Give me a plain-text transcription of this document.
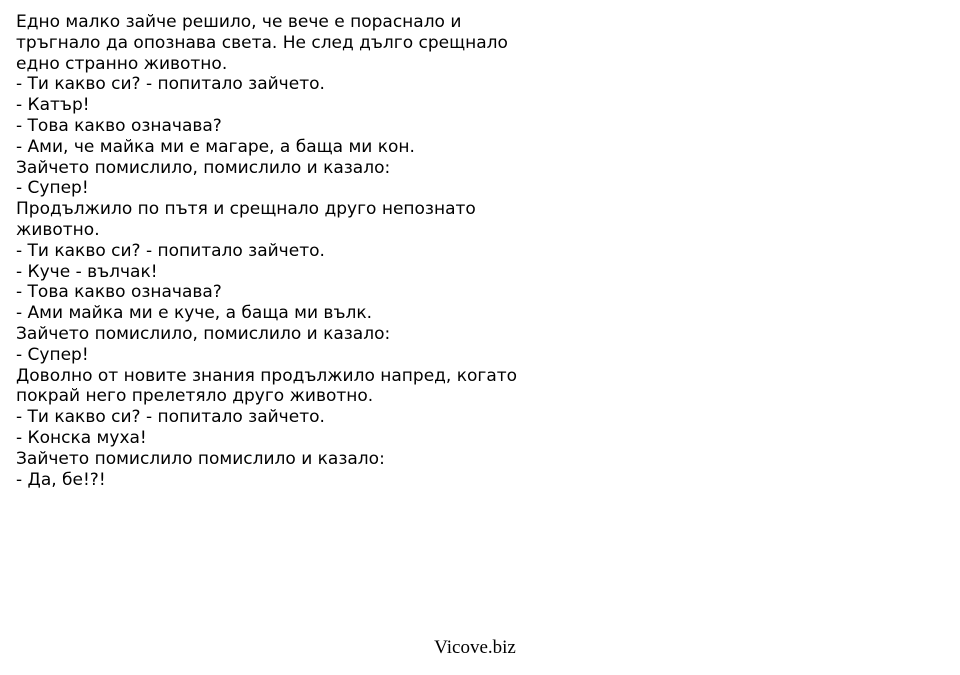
Едно малко зайче решило, че вече е пораснало и
тръгнало да опознава света. Не след дълго срещнало
едно странно животно.
- Ти какво си? - попитало зайчето.
- Катър!
- Това какво означава?
- Ами, че майка ми е магаре, а баща ми кон.
Зайчето помислило, помислило и казало:
- Супер!
Продължило по пътя и срещнало друго непознато
животно.
- Ти какво си? - попитало зайчето.
- Куче - вълчак!
- Това какво означава?
- Ами майка ми е куче, а баща ми вълк.
Зайчето помислило, помислило и казало:
- Супер!
Доволно от новите знания продължило напред, когато
покрай него прелетяло друго животно.
- Ти какво си? - попитало зайчето.
- Конска муха!
Зайчето помислило помислило и казало:
- Да, бе!?!
Vicove.biz
